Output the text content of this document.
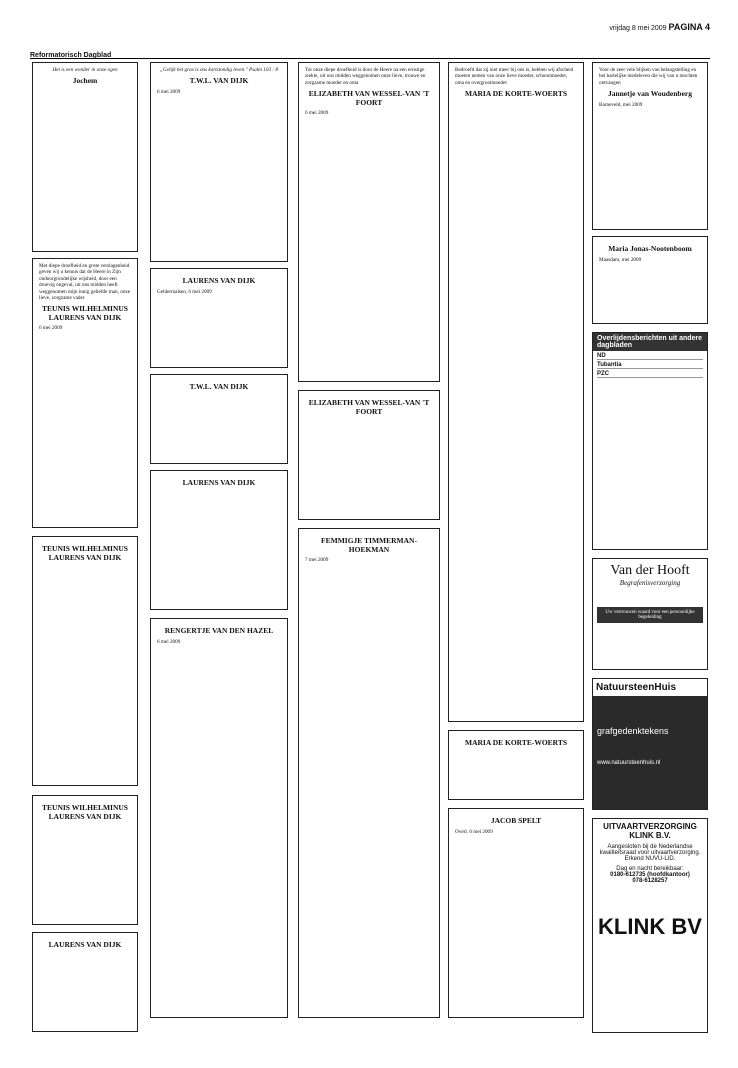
vrijdag 8 mei 2009 PAGINA 4
Reformatorisch Dagblad

Het is een wonder in onze ogen

Jochem

Met diepe droefheid en grote verslagenheid geven wij u kennis dat de Heere in Zijn ondoorgrondelijke wijsheid, door een droevig ongeval, uit ons midden heeft weggenomen mijn innig geliefde man, onze lieve, zorgzame vader

TEUNIS WILHELMINUS LAURENS VAN DIJK

6 mei 2009

TEUNIS WILHELMINUS LAURENS VAN DIJK

TEUNIS WILHELMINUS LAURENS VAN DIJK

LAURENS VAN DIJK

„Gelijk het gras is ons kortstondig leven." Psalm 103 : 8

T.W.L. VAN DIJK

6 mei 2009

LAURENS VAN DIJK

Geldermalsen, 6 mei 2009

T.W.L. VAN DIJK

LAURENS VAN DIJK

RENGERTJE VAN DEN HAZEL

6 mei 2009

Tot onze diepe droefheid is door de Heere na een ernstige ziekte, uit ons midden weggenomen onze lieve, trouwe en zorgzame moeder en oma

ELIZABETH VAN WESSEL-VAN 'T FOORT

6 mei 2009

ELIZABETH VAN WESSEL-VAN 'T FOORT

FEMMIGJE TIMMERMAN-HOEKMAN

7 mei 2009

Bedroefd dat zij niet meer bij ons is, hebben wij afscheid moeten nemen van onze lieve moeder, schoonmoeder, oma en overgrootmoeder

MARIA DE KORTE-WOERTS

MARIA DE KORTE-WOERTS

JACOB SPELT

Overl. 6 mei 2009

Voor de zeer vele blijken van belangstelling en het hartelijke medeleven die wij van u mochten ontvangen

Jannetje van Woudenberg

Barneveld, mei 2009

Maria Jonas-Nootenboom

Maasdam, mei 2009

Overlijdensberichten uit andere dagbladen
ND
Tubantia
PZC
Van der Hooft
Begrafenisverzorging
Uw vertrouwen waard voor een persoonlijke begeleiding
NatuursteenHuis
grafgedenktekens
www.natuursteenhuis.nl
UITVAARTVERZORGING KLINK B.V.
Aangesloten bij de Nederlandse kwaliteitsraad voor uitvaartverzorging. Erkend NUVU-LID.
Dag en nacht bereikbaar:
0180-612735 (hoofdkantoor)
078-6128257
KLINK BV
